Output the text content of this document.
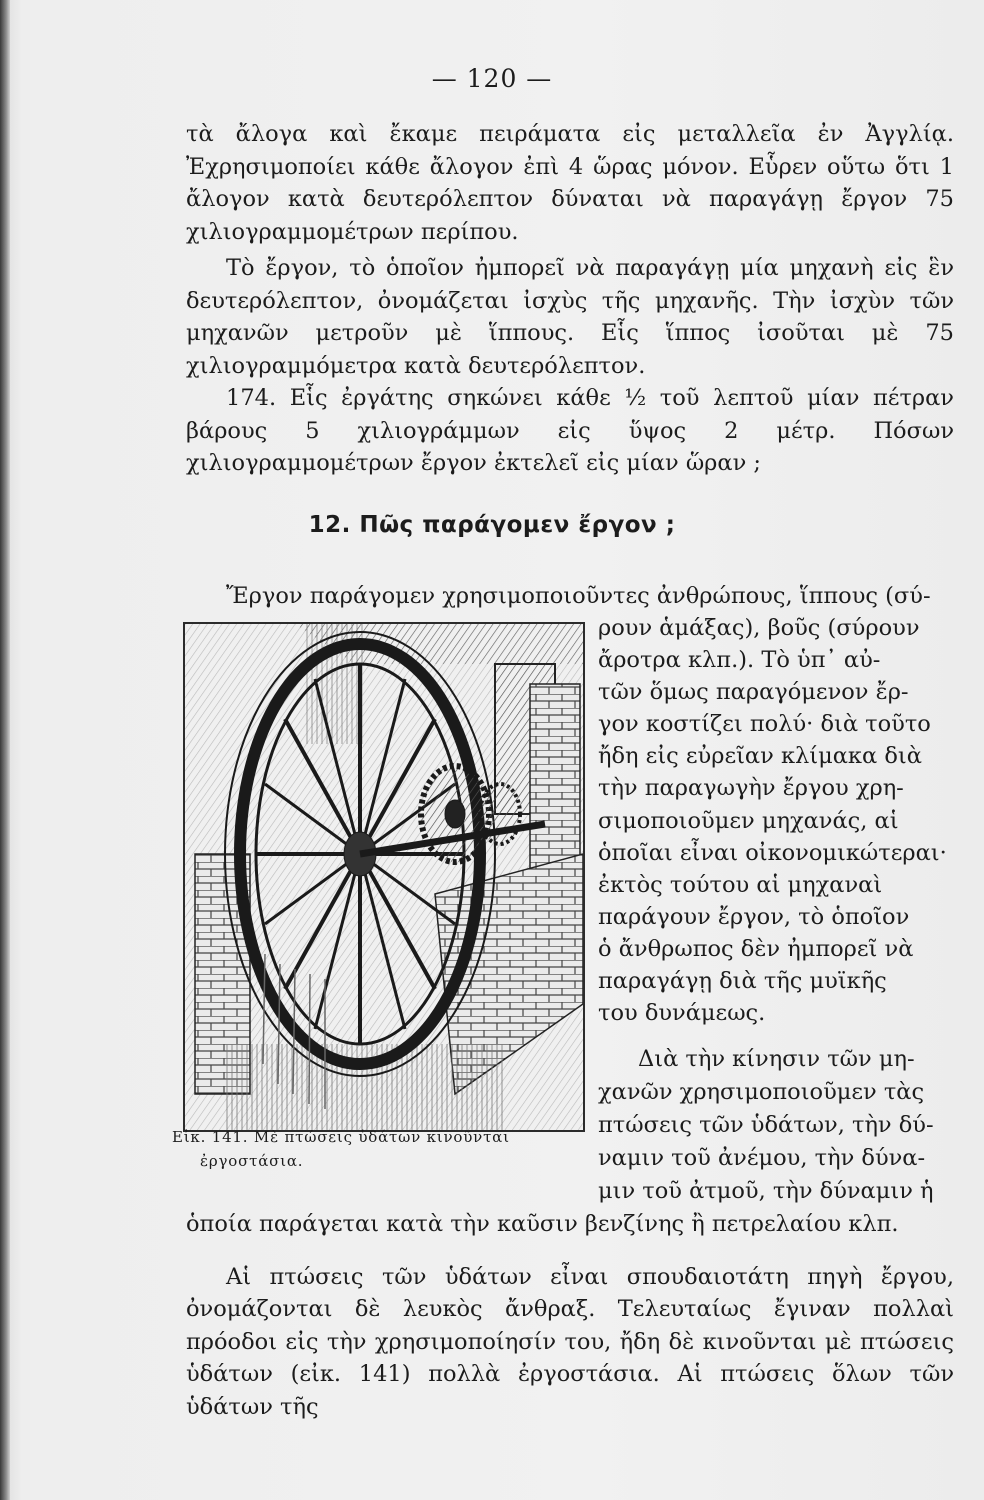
— 120 —

τὰ ἄλογα καὶ ἔκαμε πειράματα εἰς μεταλλεῖα ἐν Ἀγγλίᾳ. Ἐχρησιμοποίει κάθε ἄλογον ἐπὶ 4 ὥρας μόνον. Εὗρεν οὕτω ὅτι 1 ἄλογον κατὰ δευτερόλεπτον δύναται νὰ παραγάγῃ ἔργον 75 χιλιογραμμομέτρων περίπου.

Τὸ ἔργον, τὸ ὁποῖον ἠμπορεῖ νὰ παραγάγῃ μία μηχανὴ εἰς ἓν δευτερόλεπτον, ὀνομάζεται ἰσχὺς τῆς μηχανῆς. Τὴν ἰσχὺν τῶν μηχανῶν μετροῦν μὲ ἵππους. Εἷς ἵππος ἰσοῦται μὲ 75 χιλιογραμμόμετρα κατὰ δευτερόλεπτον.

174. Εἷς ἐργάτης σηκώνει κάθε ½ τοῦ λεπτοῦ μίαν πέτραν βάρους 5 χιλιογράμμων εἰς ὕψος 2 μέτρ. Πόσων χιλιογραμμομέτρων ἔργον ἐκτελεῖ εἰς μίαν ὥραν ;

12. Πῶς παράγομεν ἔργον ;
Ἔργον παράγομεν χρησιμοποιοῦντες ἀνθρώπους, ἵππους (σύ-
ρουν ἁμάξας), βοῦς (σύρουν
ἄροτρα κλπ.). Τὸ ὑπ᾽ αὐ-
τῶν ὅμως παραγόμενον ἔρ-
γον κοστίζει πολύ· διὰ τοῦτο
ἤδη εἰς εὐρεῖαν κλίμακα διὰ
τὴν παραγωγὴν ἔργου χρη-
σιμοποιοῦμεν μηχανάς, αἱ
ὁποῖαι εἶναι οἰκονομικώτεραι·
ἐκτὸς τούτου αἱ μηχαναὶ
παράγουν ἔργον, τὸ ὁποῖον
ὁ ἄνθρωπος δὲν ἠμπορεῖ νὰ
παραγάγῃ διὰ τῆς μυϊκῆς
του δυνάμεως.
Διὰ τὴν κίνησιν τῶν μη-
χανῶν χρησιμοποιοῦμεν τὰς
πτώσεις τῶν ὑδάτων, τὴν δύ-
ναμιν τοῦ ἀνέμου, τὴν δύνα-
μιν τοῦ ἀτμοῦ, τὴν δύναμιν ἡ
ὁποία παράγεται κατὰ τὴν καῦσιν βενζίνης ἢ πετρελαίου κλπ.

Αἱ πτώσεις τῶν ὑδάτων εἶναι σπουδαιοτάτη πηγὴ ἔργου, ὀνομάζονται δὲ λευκὸς ἄνθραξ. Τελευταίως ἔγιναν πολλαὶ πρόοδοι εἰς τὴν χρησιμοποίησίν του, ἤδη δὲ κινοῦνται μὲ πτώσεις ὑδάτων (εἰκ. 141) πολλὰ ἐργοστάσια. Αἱ πτώσεις ὅλων τῶν ὑδάτων τῆς

Εἰκ. 141. Μὲ πτώσεις ὑδάτων κινοῦνται
ἐργοστάσια.
